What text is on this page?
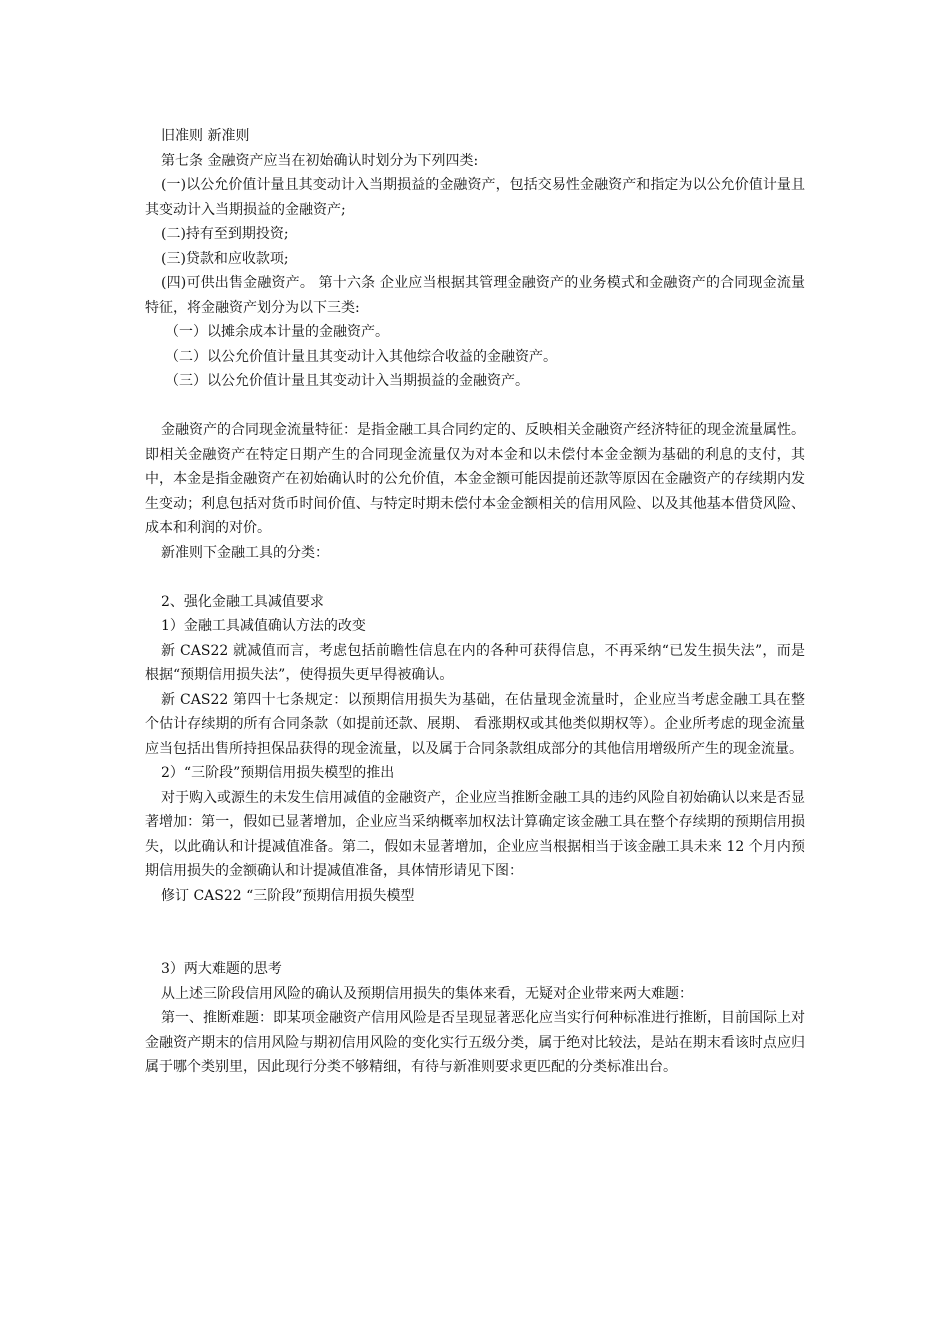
旧准则 新准则

第七条 金融资产应当在初始确认时划分为下列四类:

(一)以公允价值计量且其变动计入当期损益的金融资产，包括交易性金融资产和指定为以公允价值计量且其变动计入当期损益的金融资产;

(二)持有至到期投资;

(三)贷款和应收款项;

(四)可供出售金融资产。 第十六条 企业应当根据其管理金融资产的业务模式和金融资产的合同现金流量特征，将金融资产划分为以下三类:

（一）以摊余成本计量的金融资产。

（二）以公允价值计量且其变动计入其他综合收益的金融资产。

（三）以公允价值计量且其变动计入当期损益的金融资产。

金融资产的合同现金流量特征：是指金融工具合同约定的、反映相关金融资产经济特征的现金流量属性。即相关金融资产在特定日期产生的合同现金流量仅为对本金和以未偿付本金金额为基础的利息的支付，其中，本金是指金融资产在初始确认时的公允价值，本金金额可能因提前还款等原因在金融资产的存续期内发生变动；利息包括对货币时间价值、与特定时期未偿付本金金额相关的信用风险、以及其他基本借贷风险、成本和利润的对价。

新准则下金融工具的分类：

2、强化金融工具减值要求

1）金融工具减值确认方法的改变

新 CAS22 就减值而言，考虑包括前瞻性信息在内的各种可获得信息，不再采纳“已发生损失法”，而是根据“预期信用损失法”，使得损失更早得被确认。

新 CAS22 第四十七条规定：以预期信用损失为基础，在估量现金流量时，企业应当考虑金融工具在整个估计存续期的所有合同条款（如提前还款、展期、 看涨期权或其他类似期权等）。企业所考虑的现金流量应当包括出售所持担保品获得的现金流量，以及属于合同条款组成部分的其他信用增级所产生的现金流量。

2）“三阶段”预期信用损失模型的推出

对于购入或源生的未发生信用减值的金融资产，企业应当推断金融工具的违约风险自初始确认以来是否显著增加：第一，假如已显著增加，企业应当采纳概率加权法计算确定该金融工具在整个存续期的预期信用损失，以此确认和计提减值准备。第二，假如未显著增加，企业应当根据相当于该金融工具未来 12 个月内预期信用损失的金额确认和计提减值准备，具体情形请见下图：

修订 CAS22 “三阶段”预期信用损失模型

3）两大难题的思考

从上述三阶段信用风险的确认及预期信用损失的集体来看，无疑对企业带来两大难题：

第一、推断难题：即某项金融资产信用风险是否呈现显著恶化应当实行何种标准进行推断，目前国际上对金融资产期末的信用风险与期初信用风险的变化实行五级分类，属于绝对比较法，是站在期末看该时点应归属于哪个类别里，因此现行分类不够精细，有待与新准则要求更匹配的分类标准出台。
